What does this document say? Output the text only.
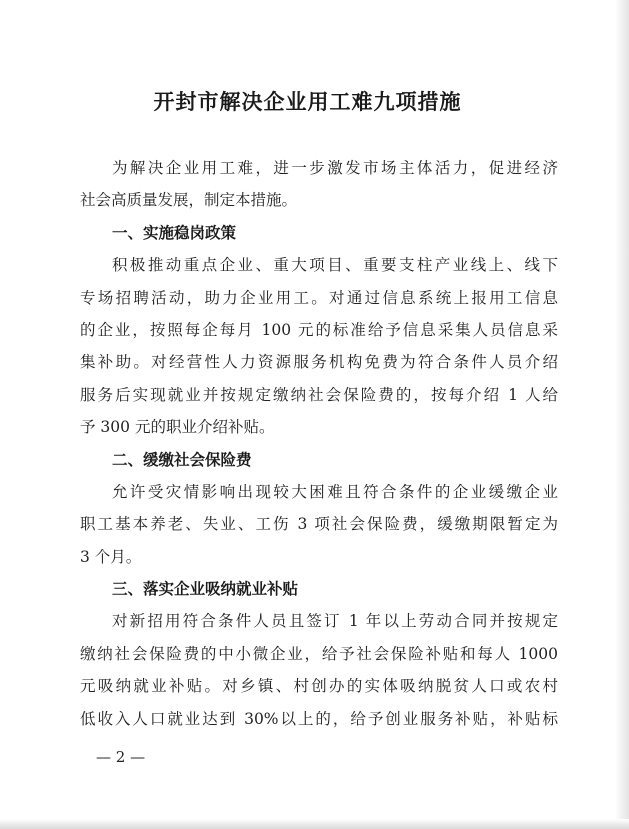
开封市解决企业用工难九项措施
为解决企业用工难，进一步激发市场主体活力，促进经济
社会高质量发展，制定本措施。
一、实施稳岗政策
积极推动重点企业、重大项目、重要支柱产业线上、线下
专场招聘活动，助力企业用工。对通过信息系统上报用工信息
的企业，按照每企每月 100 元的标准给予信息采集人员信息采
集补助。对经营性人力资源服务机构免费为符合条件人员介绍
服务后实现就业并按规定缴纳社会保险费的，按每介绍 1 人给
予 300 元的职业介绍补贴。
二、缓缴社会保险费
允许受灾情影响出现较大困难且符合条件的企业缓缴企业
职工基本养老、失业、工伤 3 项社会保险费，缓缴期限暂定为
3 个月。
三、落实企业吸纳就业补贴
对新招用符合条件人员且签订 1 年以上劳动合同并按规定
缴纳社会保险费的中小微企业，给予社会保险补贴和每人 1000
元吸纳就业补贴。对乡镇、村创办的实体吸纳脱贫人口或农村
低收入人口就业达到 30%以上的，给予创业服务补贴，补贴标
— 2 —
